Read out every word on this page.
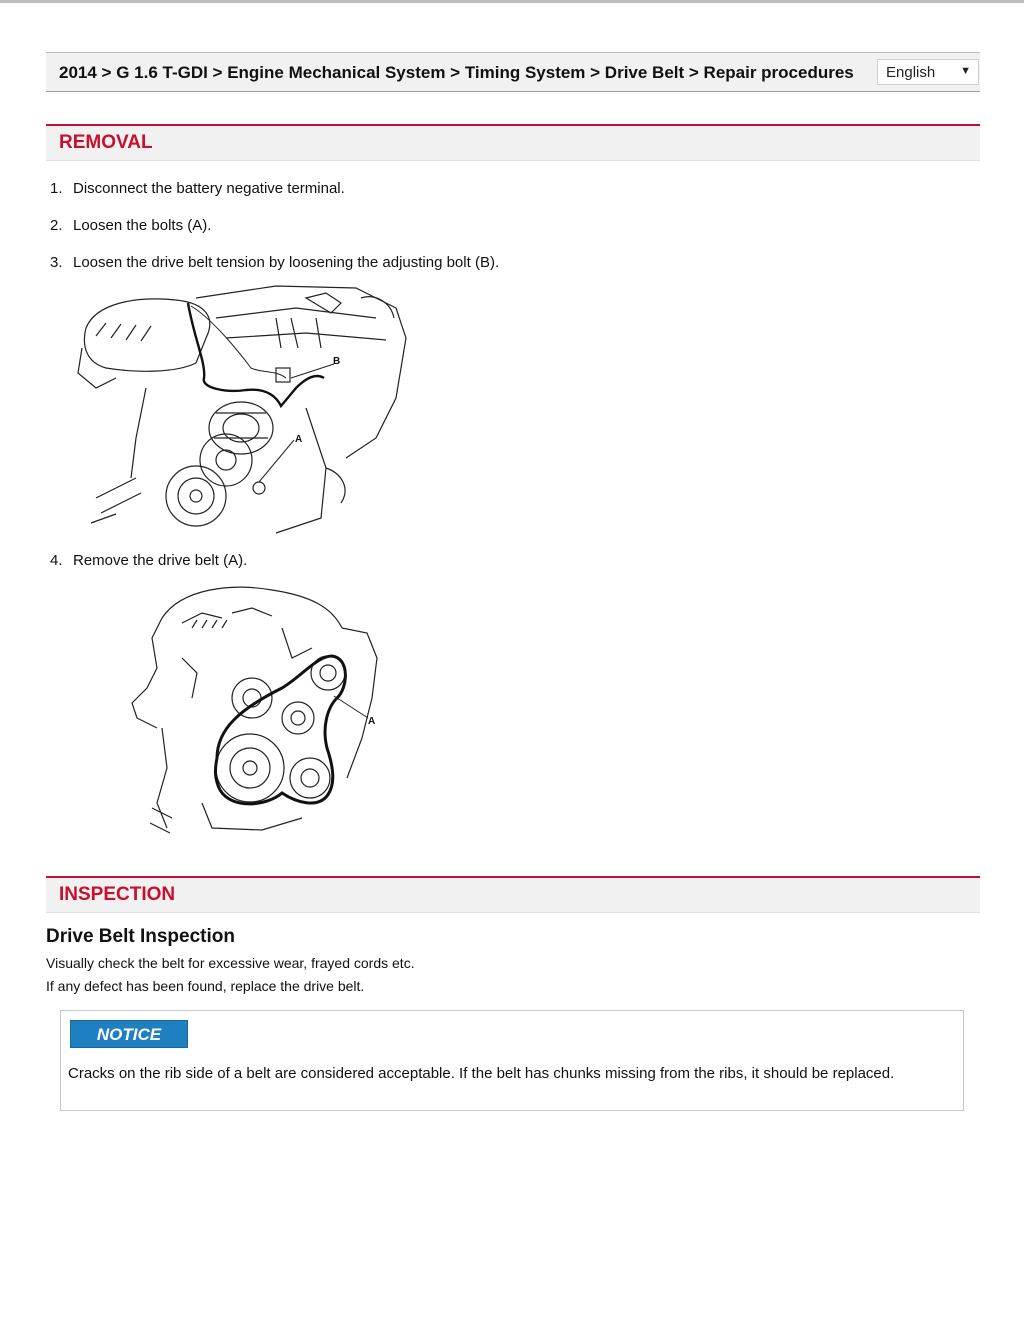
2014 > G 1.6 T-GDI > Engine Mechanical System > Timing System > Drive Belt > Repair procedures English ▼
REMOVAL
1. Disconnect the battery negative terminal.
2. Loosen the bolts (A).
3. Loosen the drive belt tension by loosening the adjusting bolt (B).
4. Remove the drive belt (A).
B
A
A
INSPECTION
Drive Belt Inspection
Visually check the belt for excessive wear, frayed cords etc.
If any defect has been found, replace the drive belt.
NOTICE
Cracks on the rib side of a belt are considered acceptable. If the belt has chunks missing from the ribs, it should be replaced.
